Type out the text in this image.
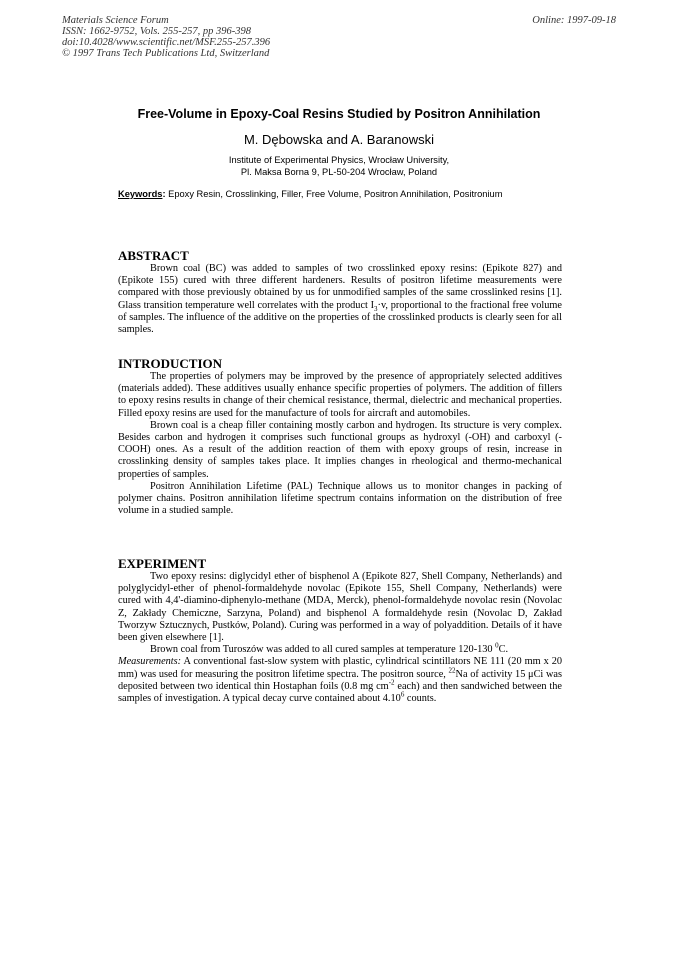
Materials Science Forum
ISSN: 1662-9752, Vols. 255-257, pp 396-398
doi:10.4028/www.scientific.net/MSF.255-257.396
© 1997 Trans Tech Publications Ltd, Switzerland
Online: 1997-09-18
Free-Volume in Epoxy-Coal Resins Studied by Positron Annihilation
M. Dębowska and A. Baranowski
Institute of Experimental Physics, Wrocław University,
Pl. Maksa Borna 9, PL-50-204 Wrocław, Poland
Keywords: Epoxy Resin, Crosslinking, Filler, Free Volume, Positron Annihilation, Positronium
ABSTRACT

Brown coal (BC) was added to samples of two crosslinked epoxy resins: (Epikote 827) and (Epikote 155) cured with three different hardeners. Results of positron lifetime measurements were compared with those previously obtained by us for unmodified samples of the same crosslinked resins [1]. Glass transition temperature well correlates with the product $I_3\cdot v$, proportional to the fractional free volume of samples. The influence of the additive on the properties of the crosslinked products is clearly seen for all samples.

INTRODUCTION

The properties of polymers may be improved by the presence of appropriately selected additives (materials added). These additives usually enhance specific properties of polymers. The addition of fillers to epoxy resins results in change of their chemical resistance, thermal, dielectric and mechanical properties. Filled epoxy resins are used for the manufacture of tools for aircraft and automobiles.

Brown coal is a cheap filler containing mostly carbon and hydrogen. Its structure is very complex. Besides carbon and hydrogen it comprises such functional groups as hydroxyl (-OH) and carboxyl (-COOH) ones. As a result of the addition reaction of them with epoxy groups of resin, increase in crosslinking density of samples takes place. It implies changes in rheological and thermo-mechanical properties of samples.

Positron Annihilation Lifetime (PAL) Technique allows us to monitor changes in packing of polymer chains. Positron annihilation lifetime spectrum contains information on the distribution of free volume in a studied sample.

EXPERIMENT

Two epoxy resins: diglycidyl ether of bisphenol A (Epikote 827, Shell Company, Netherlands) and polyglycidyl-ether of phenol-formaldehyde novolac (Epikote 155, Shell Company, Netherlands) were cured with 4,4'-diamino-diphenylo-methane (MDA, Merck), phenol-formaldehyde novolac resin (Novolac Z, Zakłady Chemiczne, Sarzyna, Poland) and bisphenol A formaldehyde resin (Novolac D, Zakład Tworzyw Sztucznych, Pustków, Poland). Curing was performed in a way of polyaddition. Details of it have been given elsewhere [1].

Brown coal from Turoszów was added to all cured samples at temperature 120-130 $^0$C.

Measurements: A conventional fast-slow system with plastic, cylindrical scintillators NE 111 (20 mm x 20 mm) was used for measuring the positron lifetime spectra. The positron source, $^{22}$Na of activity 15 μCi was deposited between two identical thin Hostaphan foils (0.8 mg $cm^{-2}$ each) and then sandwiched between the samples of investigation. A typical decay curve contained about 4.10$^6$ counts.
